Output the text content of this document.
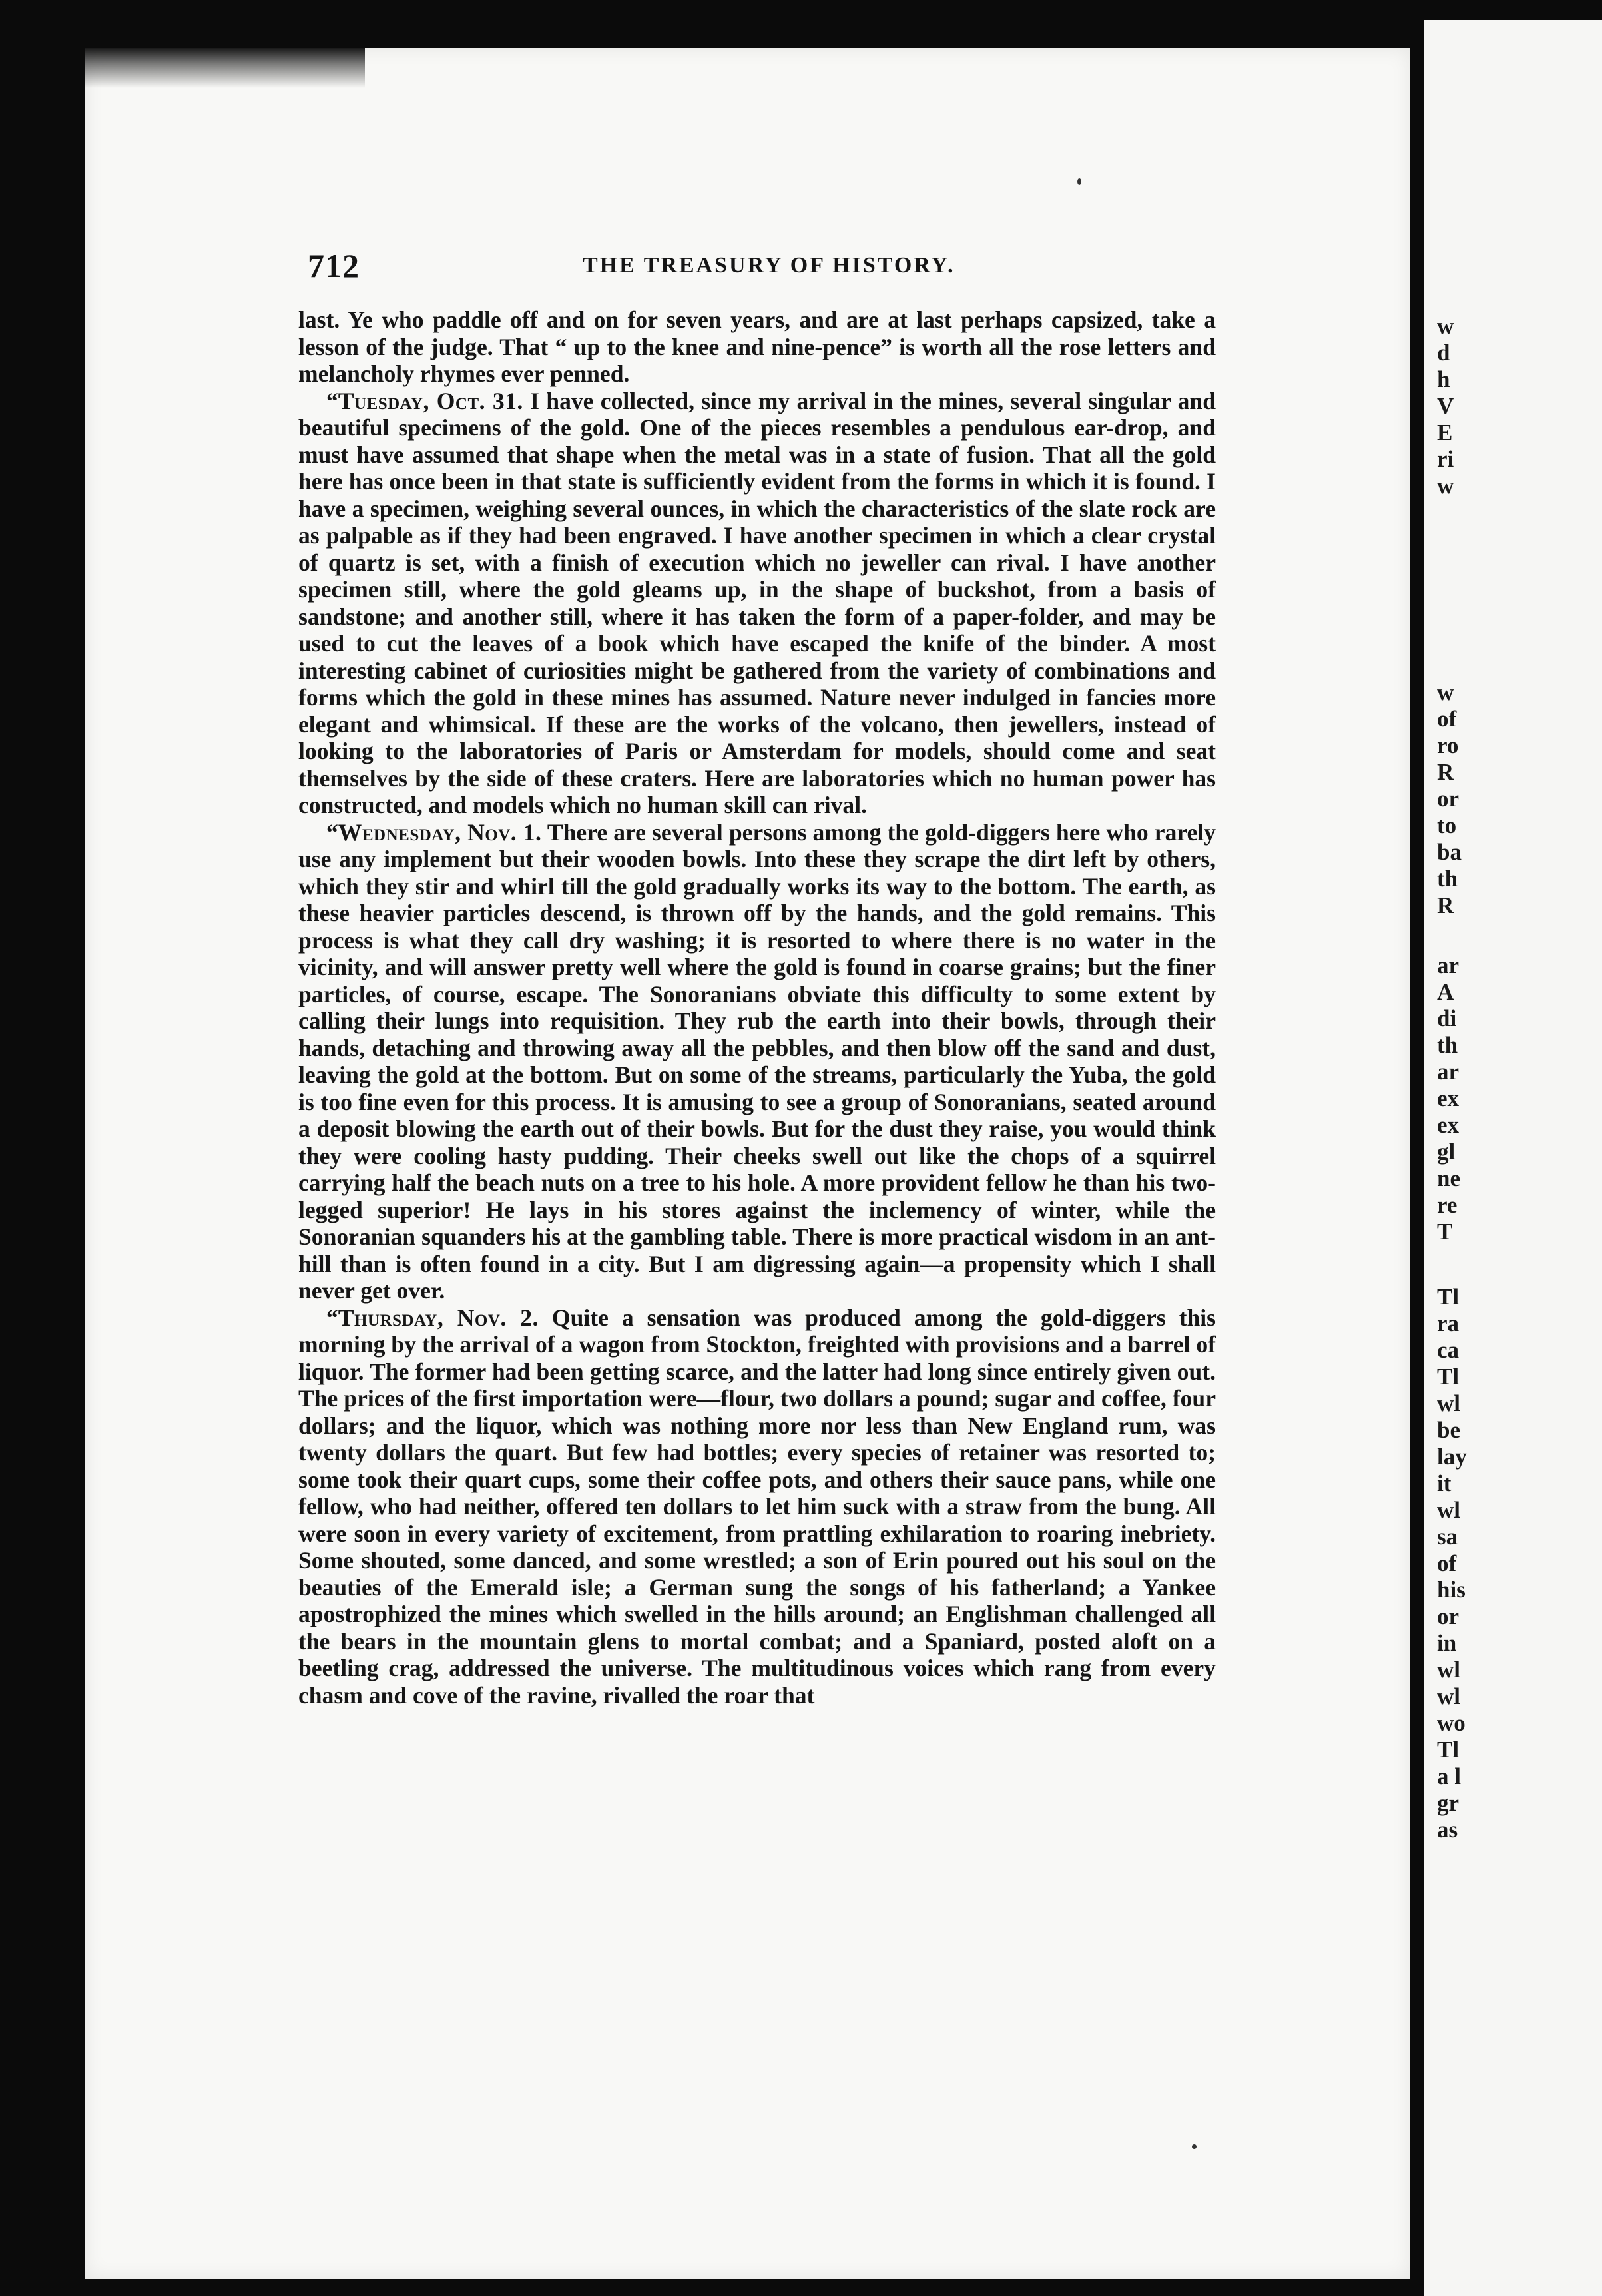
712	THE TREASURY OF HISTORY.

last. Ye who paddle off and on for seven years, and are at last perhaps capsized, take a lesson of the judge. That “ up to the knee and nine-pence” is worth all the rose letters and melancholy rhymes ever penned.

“Tuesday, Oct. 31. I have collected, since my arrival in the mines, several singular and beautiful specimens of the gold. One of the pieces resembles a pendulous ear-drop, and must have assumed that shape when the metal was in a state of fusion. That all the gold here has once been in that state is sufficiently evident from the forms in which it is found. I have a specimen, weighing several ounces, in which the characteristics of the slate rock are as palpable as if they had been engraved. I have another specimen in which a clear crystal of quartz is set, with a finish of execution which no jeweller can rival. I have another specimen still, where the gold gleams up, in the shape of buckshot, from a basis of sandstone; and another still, where it has taken the form of a paper-folder, and may be used to cut the leaves of a book which have escaped the knife of the binder. A most interesting cabinet of curiosities might be gathered from the variety of combinations and forms which the gold in these mines has assumed. Nature never indulged in fancies more elegant and whimsical. If these are the works of the volcano, then jewellers, instead of looking to the laboratories of Paris or Amsterdam for models, should come and seat themselves by the side of these craters. Here are laboratories which no human power has constructed, and models which no human skill can rival.

“Wednesday, Nov. 1. There are several persons among the gold-diggers here who rarely use any implement but their wooden bowls. Into these they scrape the dirt left by others, which they stir and whirl till the gold gradually works its way to the bottom. The earth, as these heavier particles descend, is thrown off by the hands, and the gold remains. This process is what they call dry washing; it is resorted to where there is no water in the vicinity, and will answer pretty well where the gold is found in coarse grains; but the finer particles, of course, escape. The Sonoranians obviate this difficulty to some extent by calling their lungs into requisition. They rub the earth into their bowls, through their hands, detaching and throwing away all the pebbles, and then blow off the sand and dust, leaving the gold at the bottom. But on some of the streams, particularly the Yuba, the gold is too fine even for this process. It is amusing to see a group of Sonoranians, seated around a deposit blowing the earth out of their bowls. But for the dust they raise, you would think they were cooling hasty pudding. Their cheeks swell out like the chops of a squirrel carrying half the beach nuts on a tree to his hole. A more provident fellow he than his two-legged superior! He lays in his stores against the inclemency of winter, while the Sonoranian squanders his at the gambling table. There is more practical wisdom in an ant-hill than is often found in a city. But I am digressing again—a propensity which I shall never get over.

“Thursday, Nov. 2. Quite a sensation was produced among the gold-diggers this morning by the arrival of a wagon from Stockton, freighted with provisions and a barrel of liquor. The former had been getting scarce, and the latter had long since entirely given out. The prices of the first importation were—flour, two dollars a pound; sugar and coffee, four dollars; and the liquor, which was nothing more nor less than New England rum, was twenty dollars the quart. But few had bottles; every species of retainer was resorted to; some took their quart cups, some their coffee pots, and others their sauce pans, while one fellow, who had neither, offered ten dollars to let him suck with a straw from the bung. All were soon in every variety of excitement, from prattling exhilaration to roaring inebriety. Some shouted, some danced, and some wrestled; a son of Erin poured out his soul on the beauties of the Emerald isle; a German sung the songs of his fatherland; a Yankee apostrophized the mines which swelled in the hills around; an Englishman challenged all the bears in the mountain glens to mortal combat; and a Spaniard, posted aloft on a beetling crag, addressed the universe. The multitudinous voices which rang from every chasm and cove of the ravine, rivalled the roar that

w
d
h
V
E
ri
w
w
of
ro
R
or
to
ba
th
R
ar
A
di
th
ar
ex
ex
gl
ne
re
T
Tl
ra
ca
Tl
wl
be
lay
it
wl
sa
of
his
or
in
wl
wl
wo
Tl
a l
gr
as
